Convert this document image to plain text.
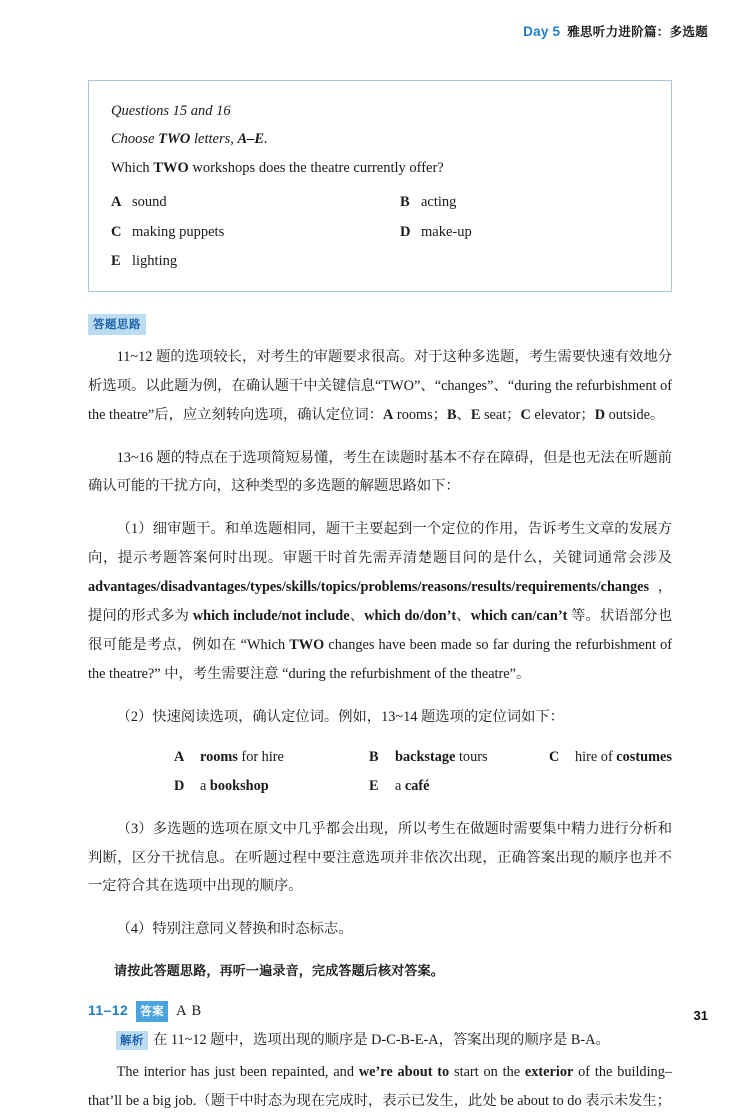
Day 5 雅思听力进阶篇：多选题
Questions 15 and 16
Choose TWO letters, A–E.
Which TWO workshops does the theatre currently offer?
A sound	B acting
C making puppets	D make-up
E lighting
答题思路

11~12 题的选项较长，对考生的审题要求很高。对于这种多选题，考生需要快速有效地分析选项。以此题为例，在确认题干中关键信息“TWO”、“changes”、“during the refurbishment of the theatre”后，应立刻转向选项，确认定位词：A rooms；B、E seat；C elevator；D outside。

13~16 题的特点在于选项简短易懂，考生在读题时基本不存在障碍，但是也无法在听题前确认可能的干扰方向，这种类型的多选题的解题思路如下：

（1）细审题干。和单选题相同，题干主要起到一个定位的作用，告诉考生文章的发展方向，提示考题答案何时出现。审题干时首先需弄清楚题目问的是什么，关键词通常会涉及advantages/disadvantages/types/skills/topics/problems/reasons/results/requirements/changes，提问的形式多为 which include/not include、which do/don’t、which can/can’t 等。状语部分也很可能是考点，例如在 “Which TWO changes have been made so far during the refurbishment of the theatre?” 中，考生需要注意 “during the refurbishment of the theatre”。

（2）快速阅读选项，确认定位词。例如，13~14 题选项的定位词如下：

A	rooms for hire	B	backstage tours	C	hire of costumes
D	a bookshop	E	a café

（3）多选题的选项在原文中几乎都会出现，所以考生在做题时需要集中精力进行分析和判断，区分干扰信息。在听题过程中要注意选项并非依次出现，正确答案出现的顺序也并不一定符合其在选项中出现的顺序。

（4）特别注意同义替换和时态标志。

请按此答题思路，再听一遍录音，完成答题后核对答案。
11–12	答案 A B

解析 在 11~12 题中，选项出现的顺序是 D-C-B-E-A，答案出现的顺序是 B-A。

The interior has just been repainted, and we’re about to start on the exterior of the building–that’ll be a big job.（题干中时态为现在完成时，表示已发生，此处 be about to do 表示未发生；

31
